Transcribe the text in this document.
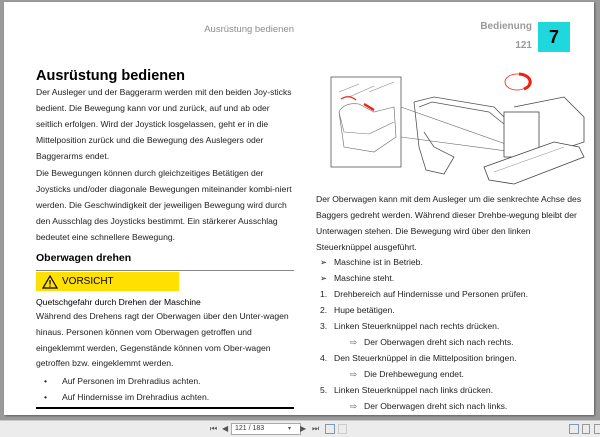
Ausrüstung bedienen	Bedienung
121 7
Ausrüstung bedienen
Der Ausleger und der Baggerarm werden mit den beiden Joy-sticks bedient. Die Bewegung kann vor und zurück, auf und ab oder seitlich erfolgen. Wird der Joystick losgelassen, geht er in die Mittelposition zurück und die Bewegung des Auslegers oder Baggerarms endet.
Die Bewegungen können durch gleichzeitiges Betätigen der Joysticks und/oder diagonale Bewegungen miteinander kombi-niert werden. Die Geschwindigkeit der jeweiligen Bewegung wird durch den Ausschlag des Joysticks bestimmt. Ein stärkerer Ausschlag bedeutet eine schnellere Bewegung.
Oberwagen drehen
VORSICHT
Quetschgefahr durch Drehen der Maschine
Während des Drehens ragt der Oberwagen über den Unter-wagen hinaus. Personen können vom Oberwagen getroffen und eingeklemmt werden, Gegenstände können vom Ober-wagen getroffen bzw. eingeklemmt werden.
• Auf Personen im Drehradius achten.
• Auf Hindernisse im Drehradius achten.
Der Oberwagen kann mit dem Ausleger um die senkrechte Achse des Baggers gedreht werden. Während dieser Drehbe-wegung bleibt der Unterwagen stehen. Die Bewegung wird über den linken Steuerknüppel ausgeführt.
➢ Maschine ist in Betrieb.
➢ Maschine steht.
1. Drehbereich auf Hindernisse und Personen prüfen.
2. Hupe betätigen.
3. Linken Steuerknüppel nach rechts drücken.
⇨ Der Oberwagen dreht sich nach rechts.
4. Den Steuerknüppel in die Mittelposition bringen.
⇨ Die Drehbewegung endet.
5. Linken Steuerknüppel nach links drücken.
⇨ Der Oberwagen dreht sich nach links.
⏮ ◀ 121 / 183	▾ ▶ ⏭
